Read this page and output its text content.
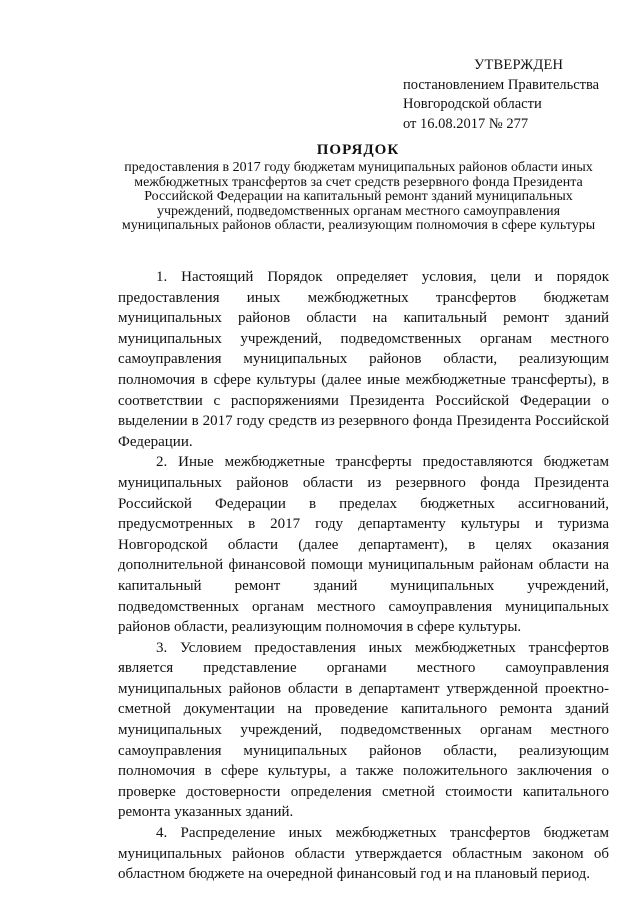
УТВЕРЖДЕН
постановлением Правительства
Новгородской области
от 16.08.2017 № 277
ПОРЯДОК

предоставления в 2017 году бюджетам муниципальных районов области иных межбюджетных трансфертов за счет средств резервного фонда Президента Российской Федерации на капитальный ремонт зданий муниципальных учреждений, подведомственных органам местного самоуправления муниципальных районов области, реализующим полномочия в сфере культуры

1. Настоящий Порядок определяет условия, цели и порядок предоставления иных межбюджетных трансфертов бюджетам муниципальных районов области на капитальный ремонт зданий муниципальных учреждений, подведомственных органам местного самоуправления муниципальных районов области, реализующим полномочия в сфере культуры (далее иные межбюджетные трансферты), в соответствии с распоряжениями Президента Российской Федерации о выделении в 2017 году средств из резервного фонда Президента Российской Федерации.

2. Иные межбюджетные трансферты предоставляются бюджетам муниципальных районов области из резервного фонда Президента Российской Федерации в пределах бюджетных ассигнований, предусмотренных в 2017 году департаменту культуры и туризма Новгородской области (далее департамент), в целях оказания дополнительной финансовой помощи муниципальным районам области на капитальный ремонт зданий муниципальных учреждений, подведомственных органам местного самоуправления муниципальных районов области, реализующим полномочия в сфере культуры.

3. Условием предоставления иных межбюджетных трансфертов является представление органами местного самоуправления муниципальных районов области в департамент утвержденной проектно-сметной документации на проведение капитального ремонта зданий муниципальных учреждений, подведомственных органам местного самоуправления муниципальных районов области, реализующим полномочия в сфере культуры, а также положительного заключения о проверке достоверности определения сметной стоимости капитального ремонта указанных зданий.

4. Распределение иных межбюджетных трансфертов бюджетам муниципальных районов области утверждается областным законом об областном бюджете на очередной финансовый год и на плановый период.
